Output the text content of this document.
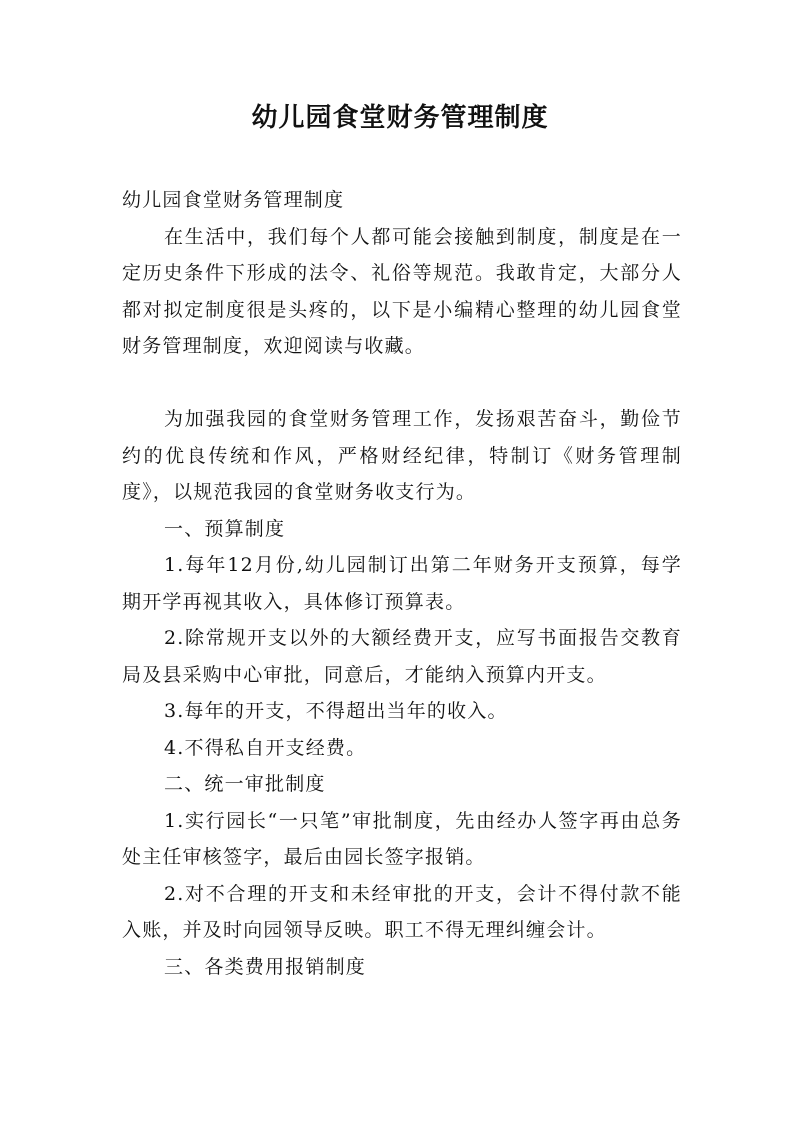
幼儿园食堂财务管理制度

幼儿园食堂财务管理制度

在生活中，我们每个人都可能会接触到制度，制度是在一定历史条件下形成的法令、礼俗等规范。我敢肯定，大部分人都对拟定制度很是头疼的，以下是小编精心整理的幼儿园食堂财务管理制度，欢迎阅读与收藏。

为加强我园的食堂财务管理工作，发扬艰苦奋斗，勤俭节约的优良传统和作风，严格财经纪律，特制订《财务管理制度》，以规范我园的食堂财务收支行为。

一、预算制度

1.每年12月份,幼儿园制订出第二年财务开支预算，每学期开学再视其收入，具体修订预算表。

2.除常规开支以外的大额经费开支，应写书面报告交教育局及县采购中心审批，同意后，才能纳入预算内开支。

3.每年的开支，不得超出当年的收入。

4.不得私自开支经费。

二、统一审批制度

1.实行园长“一只笔”审批制度，先由经办人签字再由总务处主任审核签字，最后由园长签字报销。

2.对不合理的开支和未经审批的开支，会计不得付款不能入账，并及时向园领导反映。职工不得无理纠缠会计。

三、各类费用报销制度
